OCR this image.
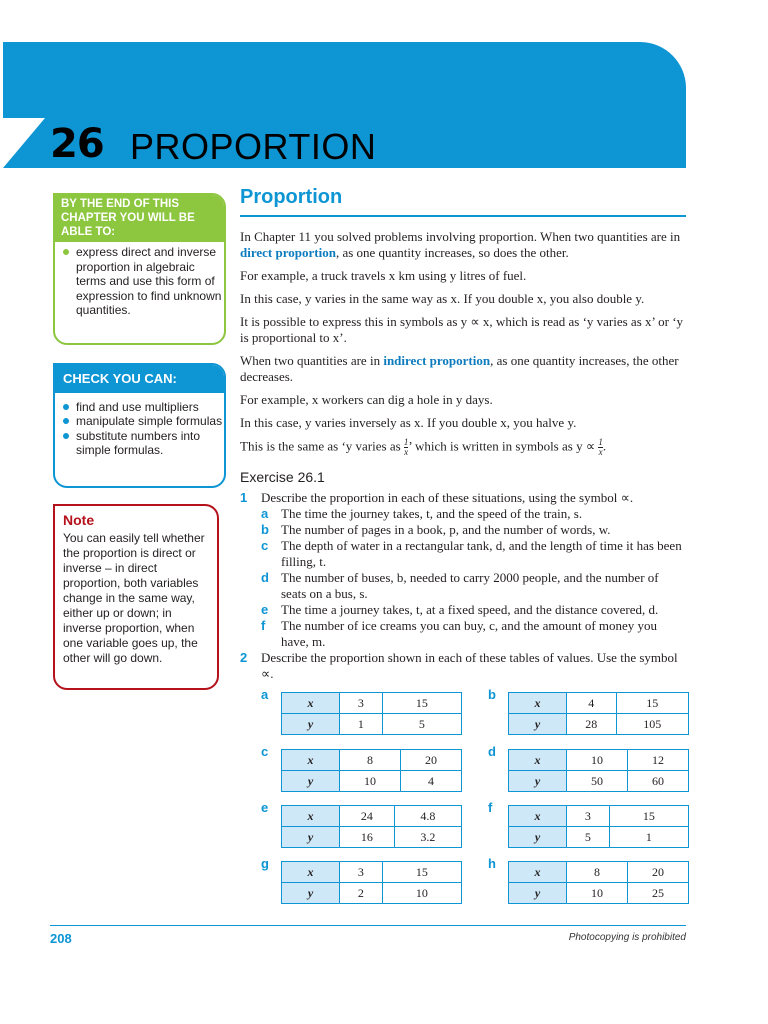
26 PROPORTION
BY THE END OF THIS CHAPTER YOU WILL BE ABLE TO:
express direct and inverse proportion in algebraic terms and use this form of expression to find unknown quantities.
CHECK YOU CAN:
find and use multipliers
manipulate simple formulas
substitute numbers into simple formulas.
Note
You can easily tell whether the proportion is direct or inverse – in direct proportion, both variables change in the same way, either up or down; in inverse proportion, when one variable goes up, the other will go down.
Proportion

In Chapter 11 you solved problems involving proportion. When two quantities are in direct proportion, as one quantity increases, so does the other.

For example, a truck travels x km using y litres of fuel.

In this case, y varies in the same way as x. If you double x, you also double y.

It is possible to express this in symbols as y ∝ x, which is read as ‘y varies as x’ or ‘y is proportional to x’.

When two quantities are in indirect proportion, as one quantity increases, the other decreases.

For example, x workers can dig a hole in y days.

In this case, y varies inversely as x. If you double x, you halve y.

This is the same as ‘y varies as $\frac{1}{x}$ ’ which is written in symbols as $y \propto \frac{1}{x}$ .

Exercise 26.1
1 Describe the proportion in each of these situations, using the symbol ∝.
a The time the journey takes, t, and the speed of the train, s.
b The number of pages in a book, p, and the number of words, w.
c The depth of water in a rectangular tank, d, and the length of time it has been filling, t.
d The number of buses, b, needed to carry 2000 people, and the number of seats on a bus, s.
e The time a journey takes, t, at a fixed speed, and the distance covered, d.
f The number of ice creams you can buy, c, and the amount of money you have, m.
2 Describe the proportion shown in each of these tables of values. Use the symbol ∝.
a
x	3	15
y	1	5
b
x	4	15
y	28	105
c
x	8	20
y	10	4
d
x	10	12
y	50	60
e
x	24	4.8
y	16	3.2
f
x	3	15
y	5	1
g
x	3	15
y	2	10
h
x	8	20
y	10	25
208	Photocopying is prohibited
